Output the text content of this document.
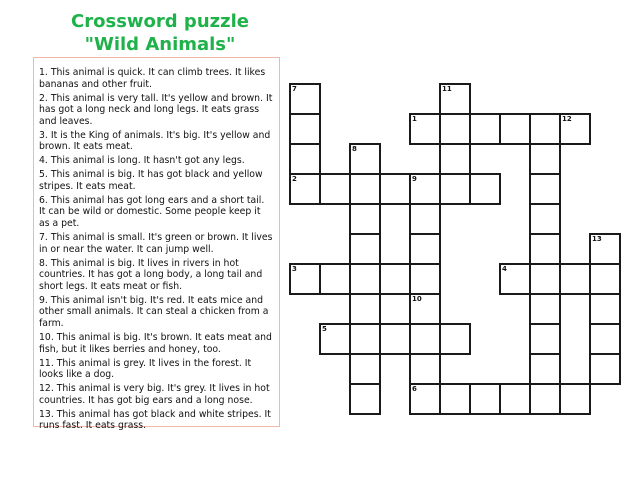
Crossword puzzle
"Wild Animals"

1. This animal is quick. It can climb trees. It likes bananas and other fruit.

2. This animal is very tall. It's yellow and brown. It has got a long neck and long legs. It eats grass and leaves.

3. It is the King of animals. It's big. It's yellow and brown. It eats meat.

4. This animal is long. It hasn't got any legs.

5. This animal is big. It has got black and yellow stripes. It eats meat.

6. This animal has got long ears and a short tail. It can be wild or domestic. Some people keep it as a pet.

7. This animal is small. It's green or brown. It lives in or near the water. It can jump well.

8. This animal is big. It lives in rivers in hot countries. It has got a long body, a long tail and short legs. It eats meat or fish.

9. This animal isn't big. It's red. It eats mice and other small animals. It can steal a chicken from a farm.

10. This animal is big. It's brown. It eats meat and fish, but it likes berries and honey, too.

11. This animal is grey. It lives in the forest. It looks like a dog.

12. This animal is very big. It's grey. It lives in hot countries. It has got big ears and a long nose.

13. This animal has got black and white stripes. It runs fast. It eats grass.

7	11
1	12
8
2	9
10
6
13
3	4
5
